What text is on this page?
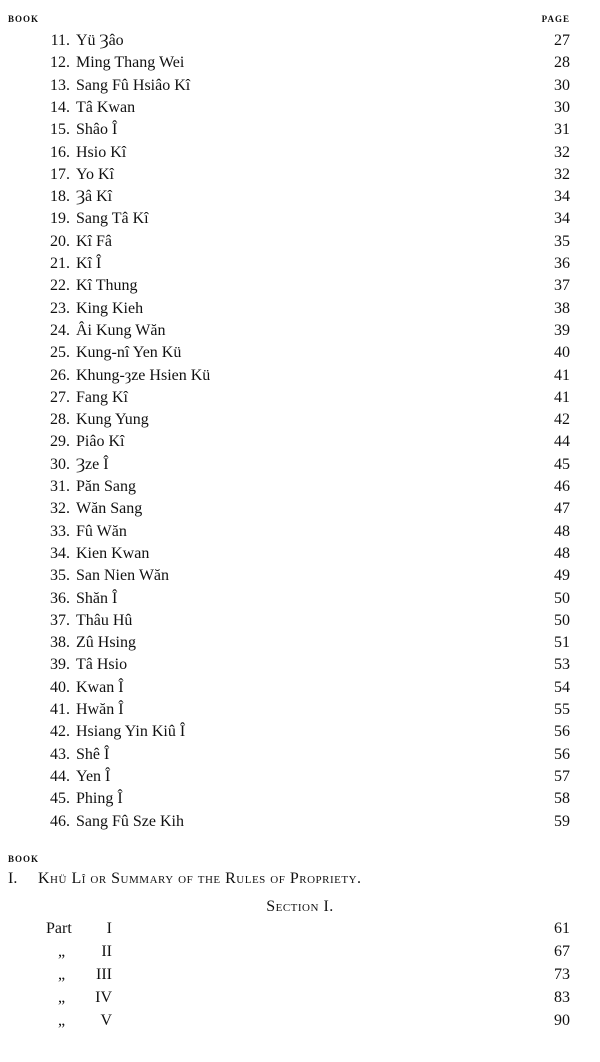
BOOK	PAGE
11. Yü Ȝâo	27
12. Ming Thang Wei	28
13. Sang Fû Hsiâo Kî	30
14. Tâ Kwan	30
15. Shâo Î	31
16. Hsio Kî	32
17. Yo Kî	32
18. Ȝâ Kî	34
19. Sang Tâ Kî	34
20. Kî Fâ	35
21. Kî Î	36
22. Kî Thung	37
23. King Kieh	38
24. Âi Kung Wăn	39
25. Kung-nî Yen Kü	40
26. Khung-ȝze Hsien Kü	41
27. Fang Kî	41
28. Kung Yung	42
29. Piâo Kî	44
30. Ȝze Î	45
31. Păn Sang	46
32. Wăn Sang	47
33. Fû Wăn	48
34. Kien Kwan	48
35. San Nien Wăn	49
36. Shăn Î	50
37. Thâu Hû	50
38. Zû Hsing	51
39. Tâ Hsio	53
40. Kwan Î	54
41. Hwăn Î	55
42. Hsiang Yin Kiû Î	56
43. Shê Î	56
44. Yen Î	57
45. Phing Î	58
46. Sang Fû Sze Kih	59
BOOK
I. Khü Lî or Summary of the Rules of Propriety.
Section I.
Part	I	61
„	II	67
„	III	73
„	IV	83
„	V	90
